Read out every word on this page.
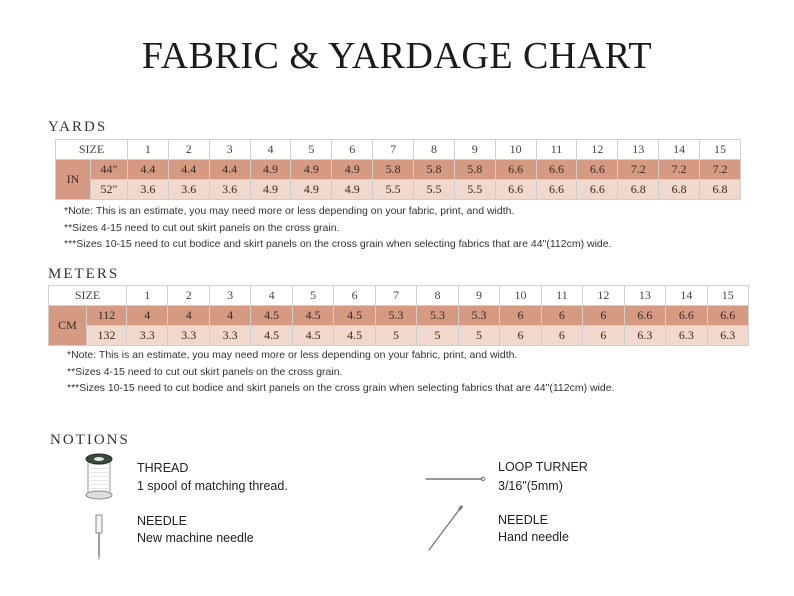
FABRIC & YARDAGE CHART
YARDS
SIZE		1	2	3	4	5	6	7	8	9	10	11	12	13	14	15
IN	44"	4.4	4.4	4.4	4.9	4.9	4.9	5.8	5.8	5.8	6.6	6.6	6.6	7.2	7.2	7.2
	52"	3.6	3.6	3.6	4.9	4.9	4.9	5.5	5.5	5.5	6.6	6.6	6.6	6.8	6.8	6.8
*Note: This is an estimate, you may need more or less depending on your fabric, print, and width.
**Sizes 4-15 need to cut out skirt panels on the cross grain.
***Sizes 10-15 need to cut bodice and skirt panels on the cross grain when selecting fabrics that are 44"(112cm) wide.
METERS
SIZE		1	2	3	4	5	6	7	8	9	10	11	12	13	14	15
CM	112	4	4	4	4.5	4.5	4.5	5.3	5.3	5.3	6	6	6	6.6	6.6	6.6
	132	3.3	3.3	3.3	4.5	4.5	4.5	5	5	5	6	6	6	6.3	6.3	6.3
*Note: This is an estimate, you may need more or less depending on your fabric, print, and width.
**Sizes 4-15 need to cut out skirt panels on the cross grain.
***Sizes 10-15 need to cut bodice and skirt panels on the cross grain when selecting fabrics that are 44"(112cm) wide.
NOTIONS
THREAD
1 spool of matching thread.
LOOP TURNER
3/16"(5mm)
NEEDLE
New machine needle
NEEDLE
Hand needle
